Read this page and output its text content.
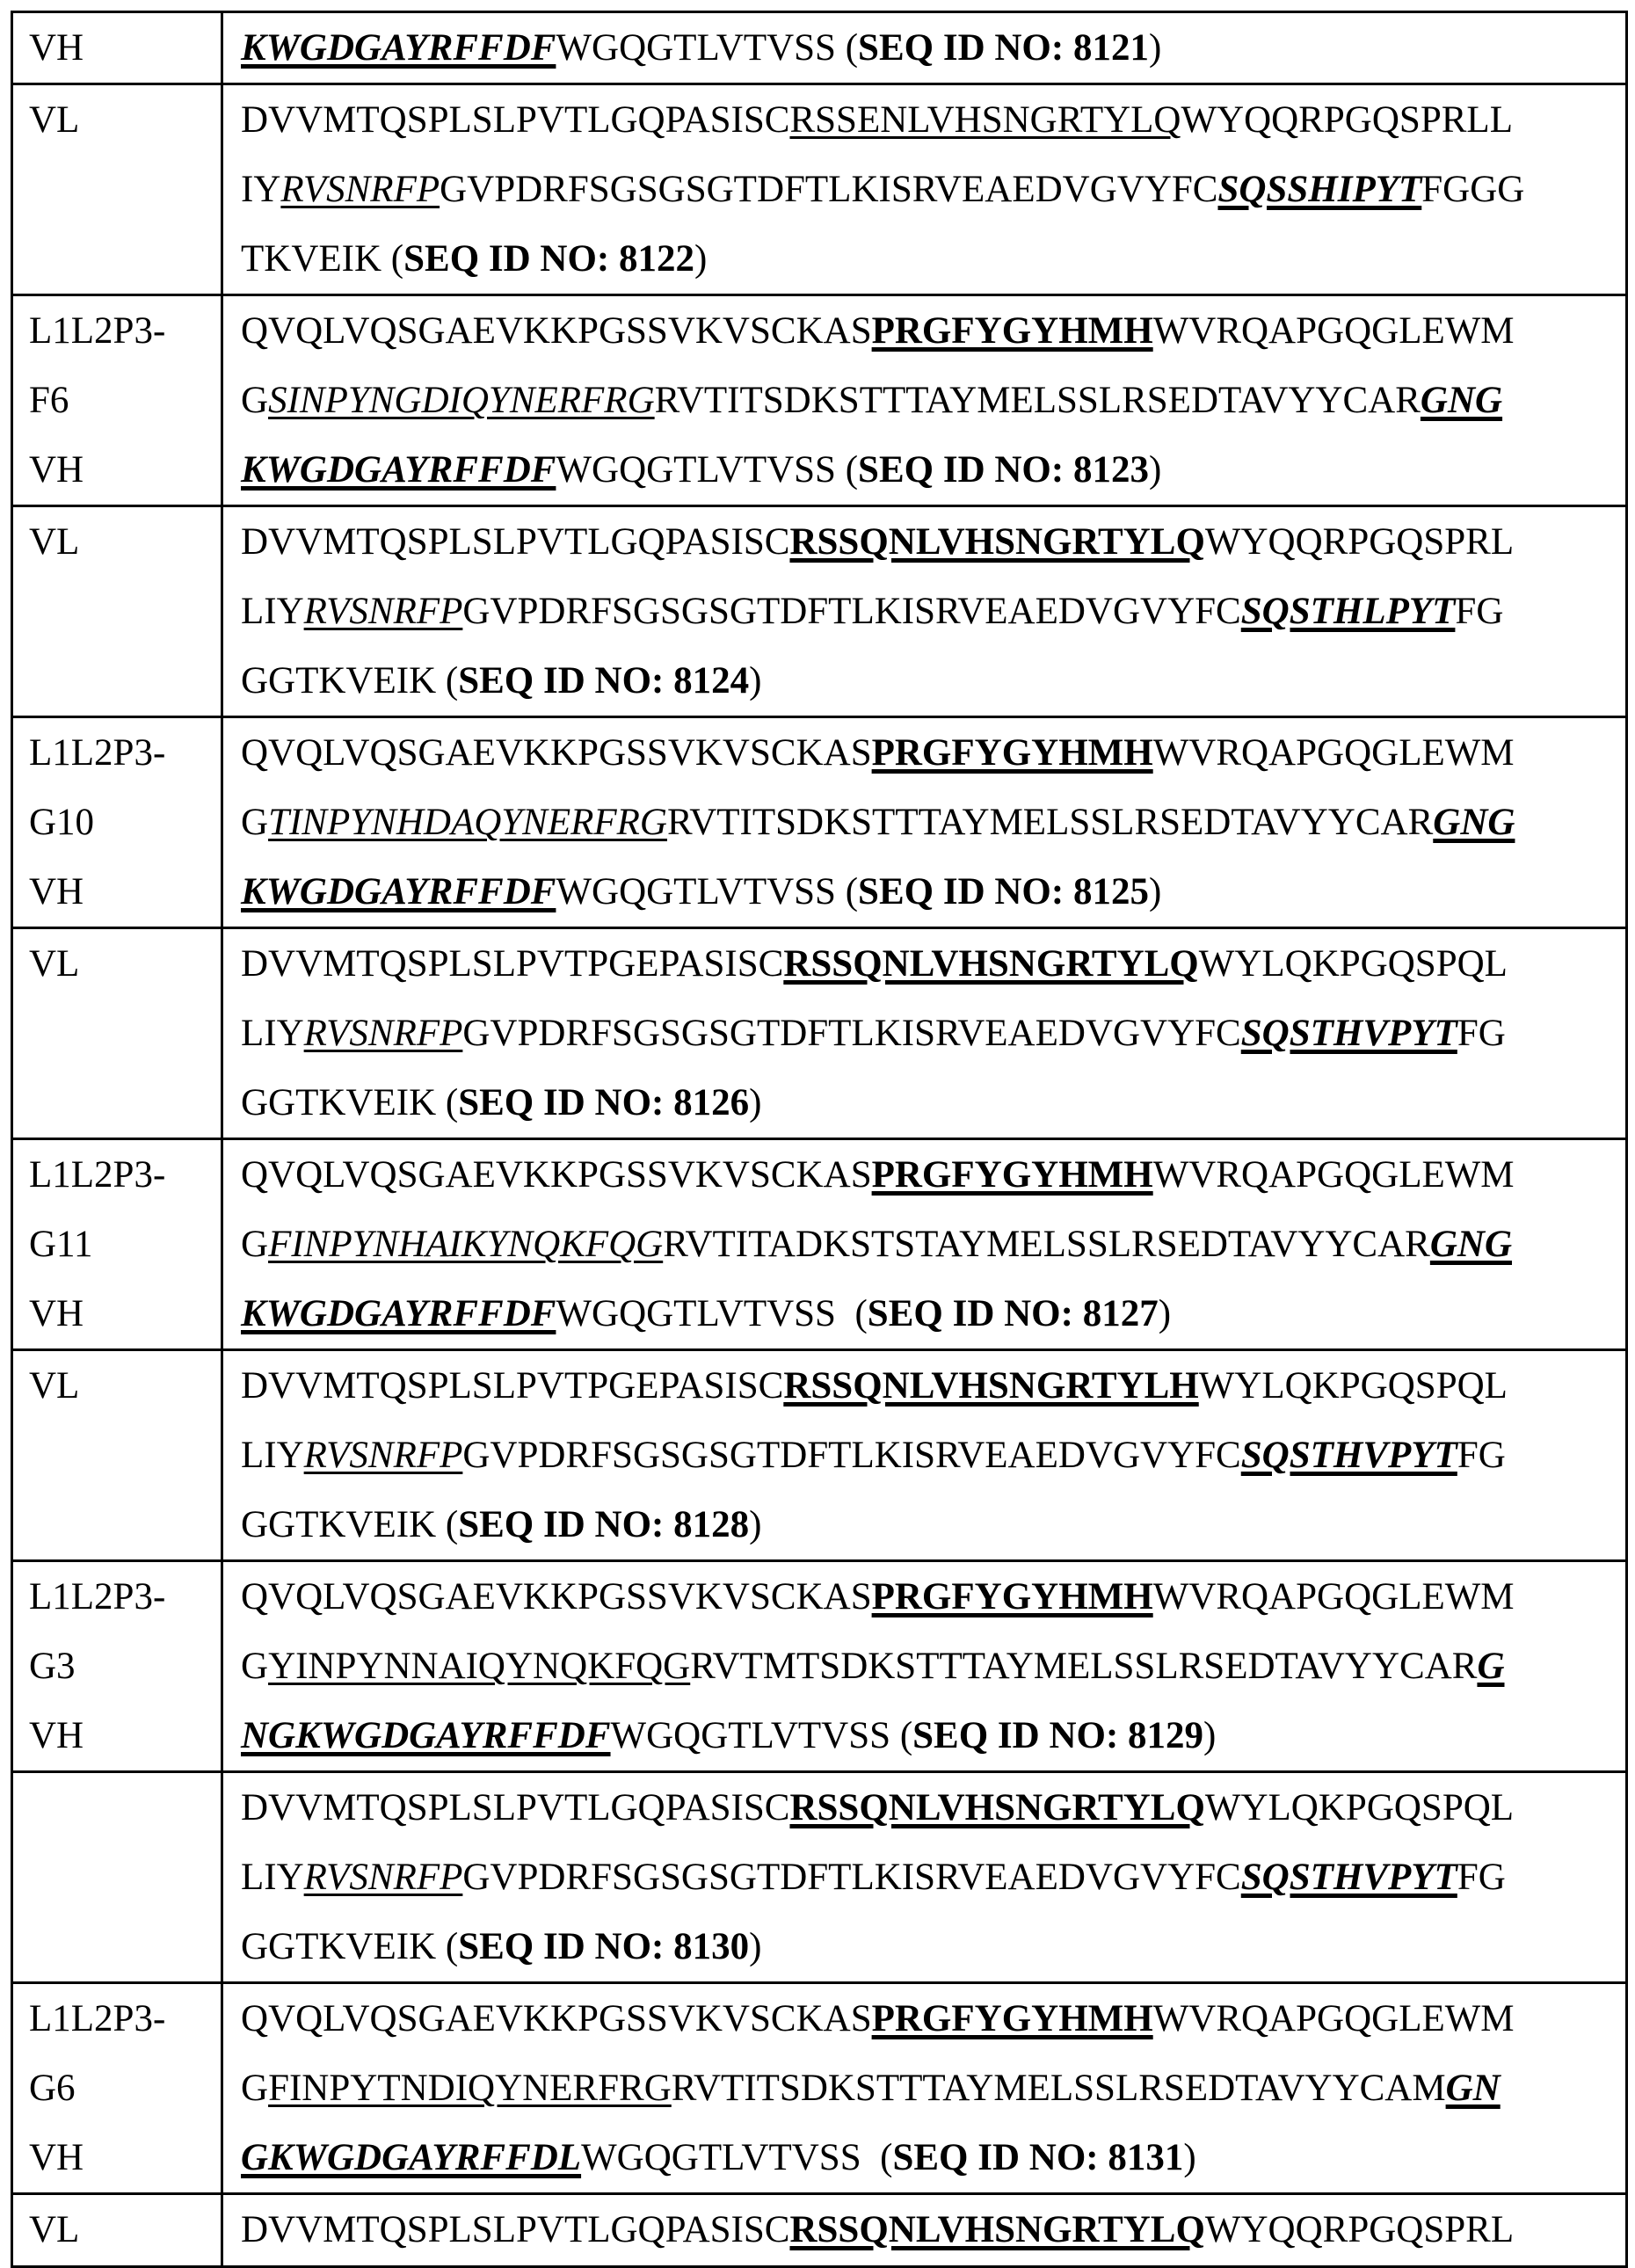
VH	KWGDGAYRFFDFWGQGTLVTVSS (SEQ ID NO: 8121)

VL	DVVMTQSPLSLPVTLGQPASISCRSSENLVHSNGRTYLQWYQQRPGQSPRLL
IYRVSNRFPGVPDRFSGSGSGTDFTLKISRVEAEDVGVYFCSQSSHIPYTFGGG
TKVEIK (SEQ ID NO: 8122)

L1L2P3-
F6
VH

QVQLVQSGAEVKKPGSSVKVSCKASPRGFYGYHMHWVRQAPGQGLEWM
GSINPYNGDIQYNERFRGRVTITSDKSTTTAYMELSSLRSEDTAVYYCARGNG
KWGDGAYRFFDFWGQGTLVTVSS (SEQ ID NO: 8123)

VL	DVVMTQSPLSLPVTLGQPASISCRSSQNLVHSNGRTYLQWYQQRPGQSPRL
LIYRVSNRFPGVPDRFSGSGSGTDFTLKISRVEAEDVGVYFCSQSTHLPYTFG
GGTKVEIK (SEQ ID NO: 8124)

L1L2P3-
G10
VH

QVQLVQSGAEVKKPGSSVKVSCKASPRGFYGYHMHWVRQAPGQGLEWM
GTINPYNHDAQYNERFRGRVTITSDKSTTTAYMELSSLRSEDTAVYYCARGNG
KWGDGAYRFFDFWGQGTLVTVSS (SEQ ID NO: 8125)

VL	DVVMTQSPLSLPVTPGEPASISCRSSQNLVHSNGRTYLQWYLQKPGQSPQL
LIYRVSNRFPGVPDRFSGSGSGTDFTLKISRVEAEDVGVYFCSQSTHVPYTFG
GGTKVEIK (SEQ ID NO: 8126)

L1L2P3-
G11
VH

QVQLVQSGAEVKKPGSSVKVSCKASPRGFYGYHMHWVRQAPGQGLEWM
GFINPYNHAIKYNQKFQGRVTITADKSTSTAYMELSSLRSEDTAVYYCARGNG
KWGDGAYRFFDFWGQGTLVTVSS  (SEQ ID NO: 8127)

VL	DVVMTQSPLSLPVTPGEPASISCRSSQNLVHSNGRTYLHWYLQKPGQSPQL
LIYRVSNRFPGVPDRFSGSGSGTDFTLKISRVEAEDVGVYFCSQSTHVPYTFG
GGTKVEIK (SEQ ID NO: 8128)

L1L2P3-
G3
VH

QVQLVQSGAEVKKPGSSVKVSCKASPRGFYGYHMHWVRQAPGQGLEWM
GYINPYNNAIQYNQKFQGRVTMTSDKSTTTAYMELSSLRSEDTAVYYCARG
NGKWGDGAYRFFDFWGQGTLVTVSS (SEQ ID NO: 8129)

DVVMTQSPLSLPVTLGQPASISCRSSQNLVHSNGRTYLQWYLQKPGQSPQL
LIYRVSNRFPGVPDRFSGSGSGTDFTLKISRVEAEDVGVYFCSQSTHVPYTFG
GGTKVEIK (SEQ ID NO: 8130)

L1L2P3-
G6
VH

QVQLVQSGAEVKKPGSSVKVSCKASPRGFYGYHMHWVRQAPGQGLEWM
GFINPYTNDIQYNERFRGRVTITSDKSTTTAYMELSSLRSEDTAVYYCAMGN
GKWGDGAYRFFDLWGQGTLVTVSS  (SEQ ID NO: 8131)

VL	DVVMTQSPLSLPVTLGQPASISCRSSQNLVHSNGRTYLQWYQQRPGQSPRL
